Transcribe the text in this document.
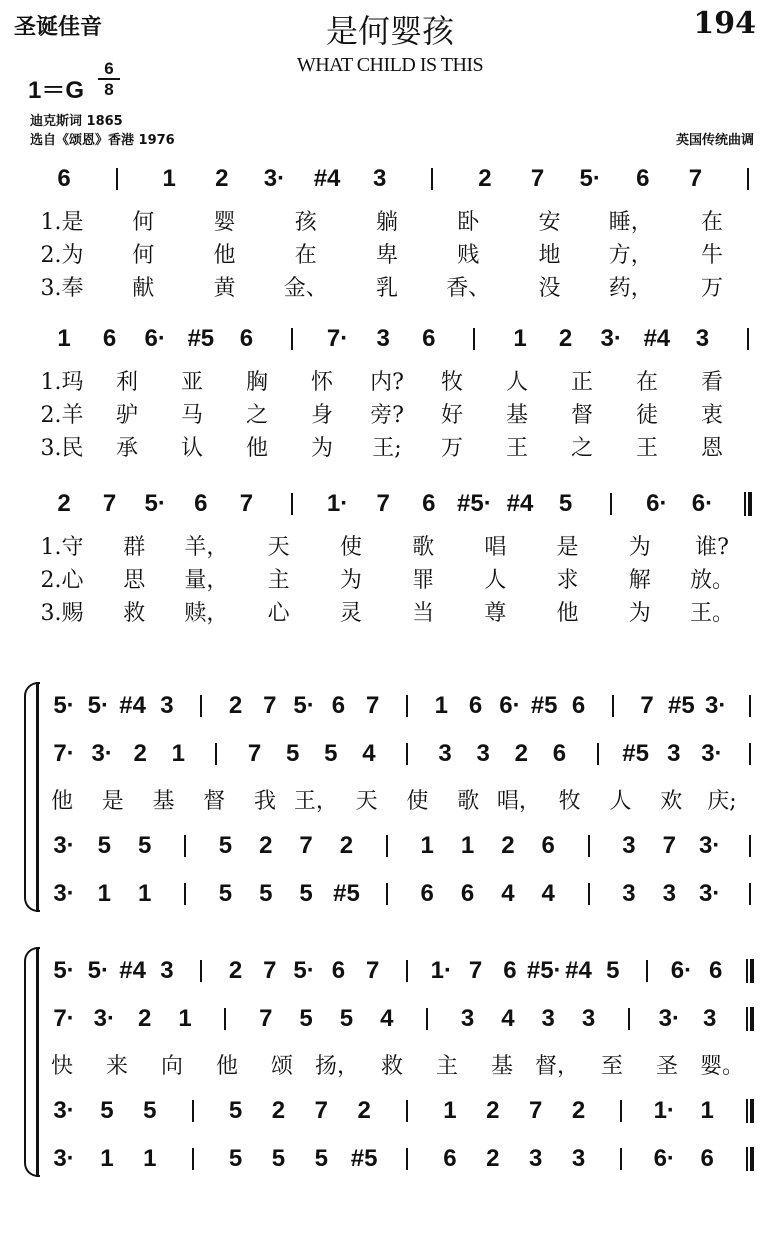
圣诞佳音	是何婴孩	194
WHAT CHILD IS THIS
1＝G
6
8
迪克斯词 1865
选自《颂恩》香港 1976	英国传统曲调
6	1	2	3·	#4	3	2	7	5·	6	7
1.是	何	婴	孩	躺	卧	安	睡，	在
2.为	何	他	在	卑	贱	地	方，	牛
3.奉	献	黄	金、	乳	香、	没	药，	万
1	6	6· #5	6	7·	3	6	1	2	3· #4	3
1.玛	利	亚	胸	怀	内?	牧	人	正	在	看
2.羊	驴	马	之	身	旁?	好	基	督	徒	衷
3.民	承	认	他	为	王;	万	王	之	王	恩
2	7	5·	6	7	1·	7	6 #5· #4	5	6·	6·
1.守	群	羊，	天	使	歌	唱	是	为	谁?
2.心	思	量，	主	为	罪	人	求	解	放。
3.赐	救	赎，	心	灵	当	尊	他	为	王。
5· 5· #4 3	2 7 5· 6 7	1 6 6· #5 6	7 #5 3·
7· 3· 2	1	7	5	5	4	3	3	2	6	#5 3 3·
他	是	基	督	我 王， 天	使	歌 唱， 牧	人	欢	庆;
3· 5	5	5	2	7	2	1	1	2	6	3	7 3·
3· 1	1	5	5	5 #5	6	6	4	4	3	3 3·
5· 5· #4 3	2 7 5· 6 7	1· 7 6 #5· #4 5	6· 6
7· 3· 2	1	7	5	5	4	3	4	3	3	3· 3
快	来	向	他	颂 扬， 救	主	基 督， 至	圣 婴。
3·	5	5	5	2	7	2	1	2	7	2	1·	1
3·	1	1	5	5	5 #5	6	2	3	3	6·	6
